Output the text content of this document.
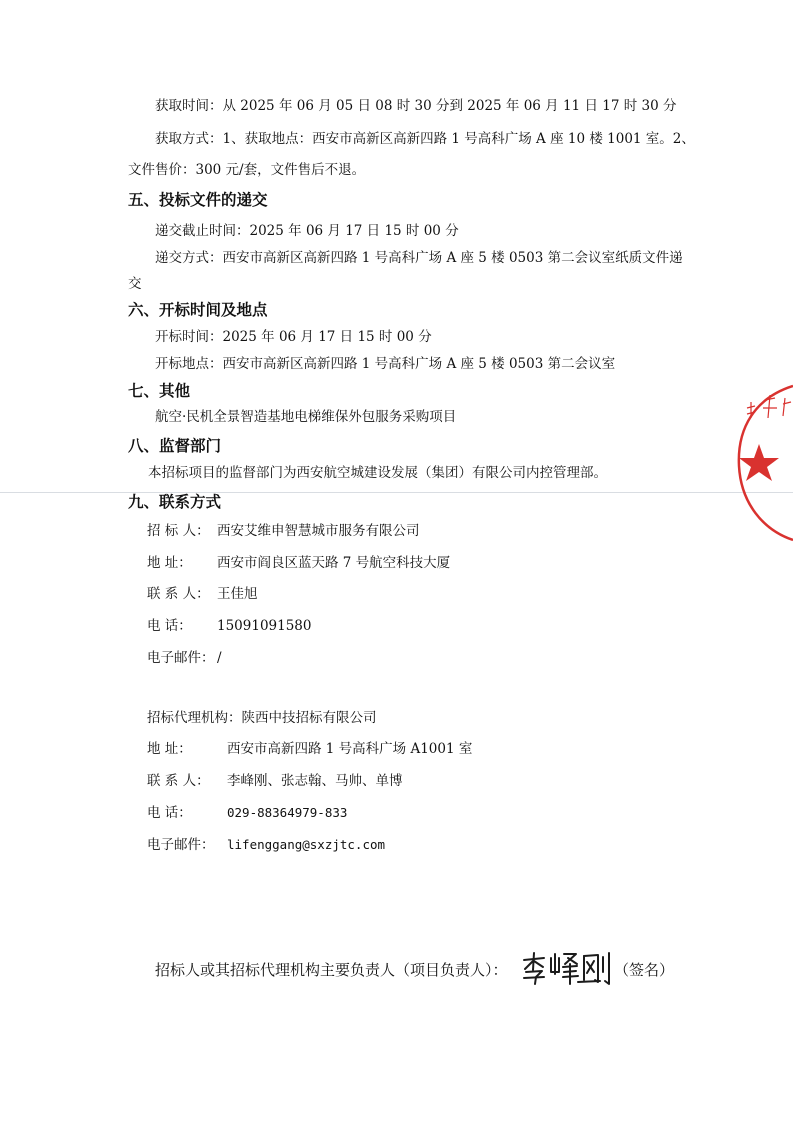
获取时间：从 2025 年 06 月 05 日 08 时 30 分到 2025 年 06 月 11 日 17 时 30 分
获取方式：1、获取地点：西安市高新区高新四路 1 号高科广场 A 座 10 楼 1001 室。2、
文件售价：300 元/套，文件售后不退。
五、投标文件的递交
递交截止时间：2025 年 06 月 17 日 15 时 00 分
递交方式：西安市高新区高新四路 1 号高科广场 A 座 5 楼 0503 第二会议室纸质文件递
交
六、开标时间及地点
开标时间：2025 年 06 月 17 日 15 时 00 分
开标地点：西安市高新区高新四路 1 号高科广场 A 座 5 楼 0503 第二会议室
七、其他
航空·民机全景智造基地电梯维保外包服务采购项目
八、监督部门
本招标项目的监督部门为西安航空城建设发展（集团）有限公司内控管理部。
九、联系方式
招 标 人： 西安艾维申智慧城市服务有限公司
地 址： 西安市阎良区蓝天路 7 号航空科技大厦
联 系 人： 王佳旭
电 话： 15091091580
电子邮件： /
招标代理机构：陕西中技招标有限公司
地 址：	西安市高新四路 1 号高科广场 A1001 室
联 系 人： 李峰刚、张志翰、马帅、单博
电 话：	029-88364979-833
电子邮件： lifenggang@sxzjtc.com
招标人或其招标代理机构主要负责人（项目负责人）：	（签名）
